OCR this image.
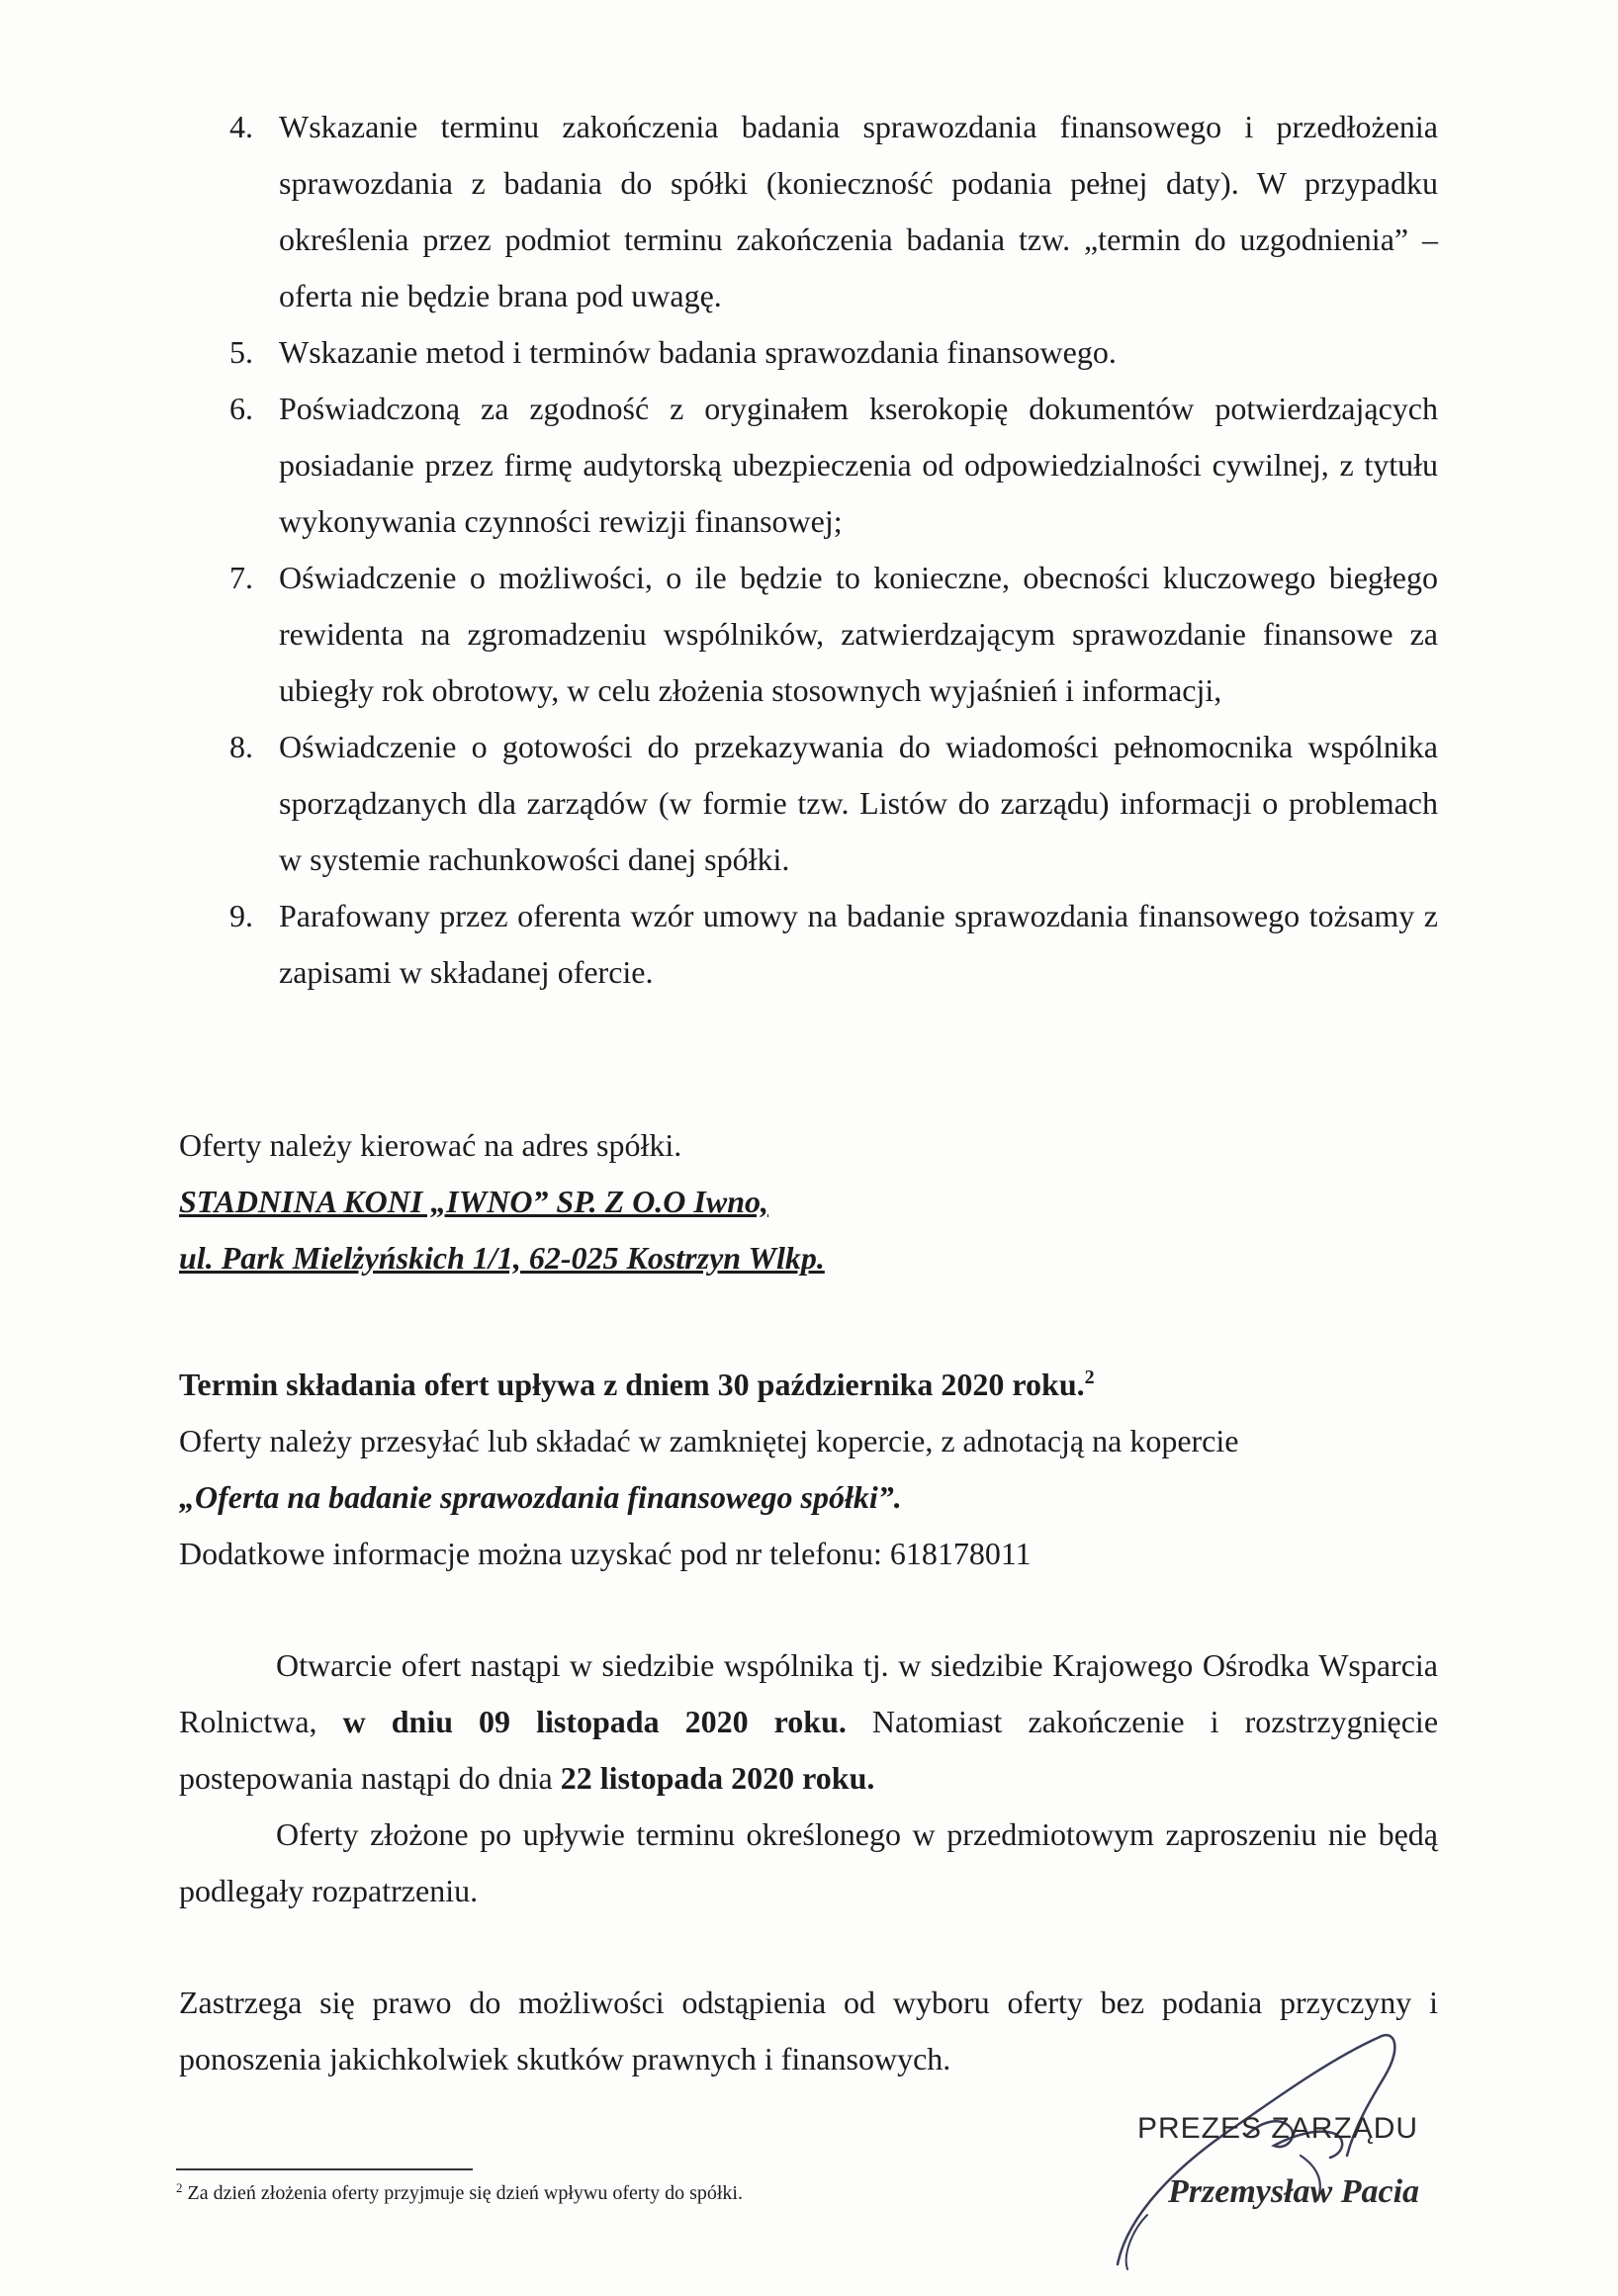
4. Wskazanie terminu zakończenia badania sprawozdania finansowego i przedłożenia sprawozdania z badania do spółki (konieczność podania pełnej daty). W przypadku określenia przez podmiot terminu zakończenia badania tzw. „termin do uzgodnienia” – oferta nie będzie brana pod uwagę.
5. Wskazanie metod i terminów badania sprawozdania finansowego.
6. Poświadczoną za zgodność z oryginałem kserokopię dokumentów potwierdzających posiadanie przez firmę audytorską ubezpieczenia od odpowiedzialności cywilnej, z tytułu wykonywania czynności rewizji finansowej;
7. Oświadczenie o możliwości, o ile będzie to konieczne, obecności kluczowego biegłego rewidenta na zgromadzeniu wspólników, zatwierdzającym sprawozdanie finansowe za ubiegły rok obrotowy, w celu złożenia stosownych wyjaśnień i informacji,
8. Oświadczenie o gotowości do przekazywania do wiadomości pełnomocnika wspólnika sporządzanych dla zarządów (w formie tzw. Listów do zarządu) informacji o problemach w systemie rachunkowości danej spółki.
9. Parafowany przez oferenta wzór umowy na badanie sprawozdania finansowego tożsamy z zapisami w składanej ofercie.
Oferty należy kierować na adres spółki.
STADNINA KONI „IWNO” SP. Z O.O Iwno,
ul. Park Mielżyńskich 1/1, 62-025 Kostrzyn Wlkp.
Termin składania ofert upływa z dniem 30 października 2020 roku.$^2$
Oferty należy przesyłać lub składać w zamkniętej kopercie, z adnotacją na kopercie
„Oferta na badanie sprawozdania finansowego spółki”.
Dodatkowe informacje można uzyskać pod nr telefonu: 618178011
Otwarcie ofert nastąpi w siedzibie wspólnika tj. w siedzibie Krajowego Ośrodka Wsparcia Rolnictwa, w dniu 09 listopada 2020 roku. Natomiast zakończenie i rozstrzygnięcie postepowania nastąpi do dnia 22 listopada 2020 roku.
Oferty złożone po upływie terminu określonego w przedmiotowym zaproszeniu nie będą podlegały rozpatrzeniu.
Zastrzega się prawo do możliwości odstąpienia od wyboru oferty bez podania przyczyny i ponoszenia jakichkolwiek skutków prawnych i finansowych.
PREZES ZARZĄDU
Przemysław Pacia
$^2$ Za dzień złożenia oferty przyjmuje się dzień wpływu oferty do spółki.
